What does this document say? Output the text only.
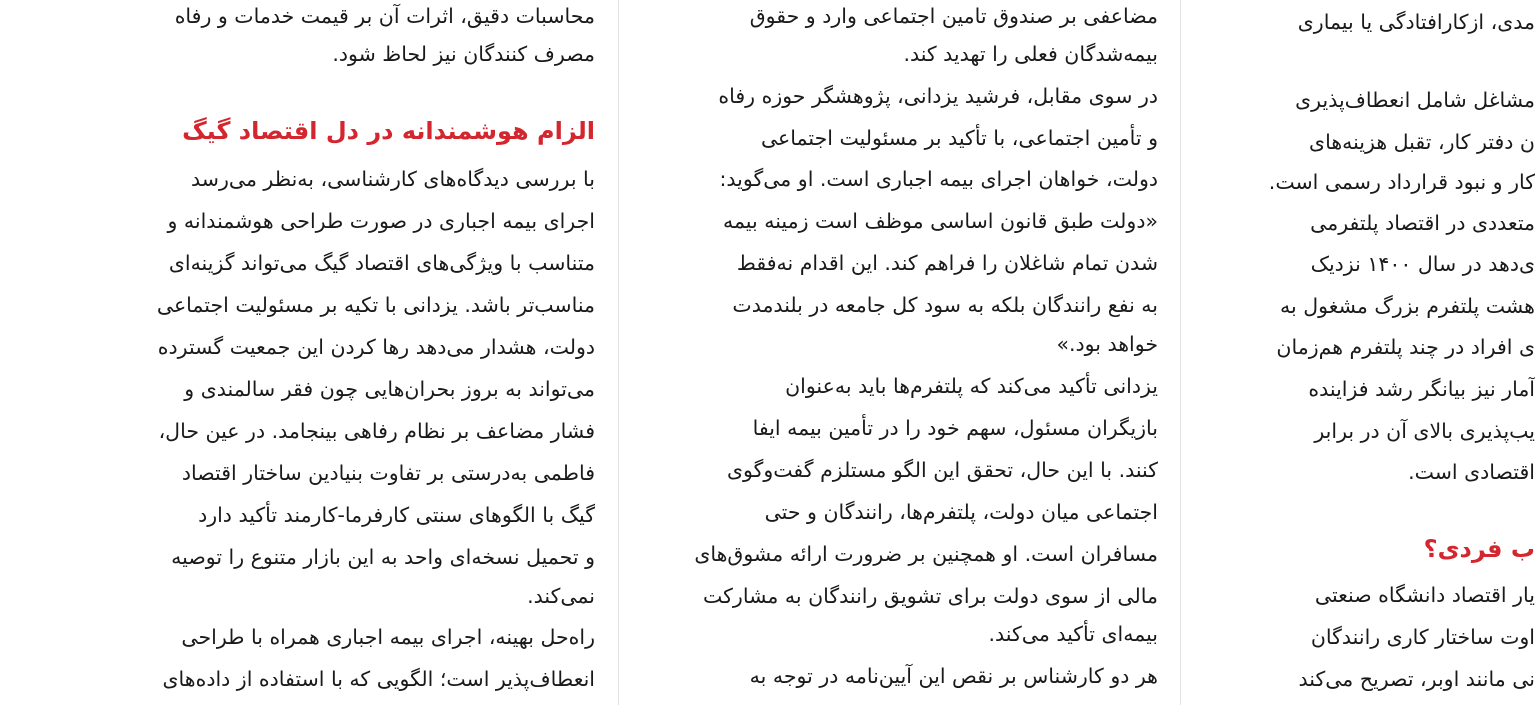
محاسبات دقیق، اثرات آن بر قیمت خدمات و رفاه
مصرف کنندگان نیز لحاظ شود.
الزام هوشمندانه در دل اقتصاد گیگ
با بررسی دیدگاه‌های کارشناسی، به‌نظر می‌رسد
اجرای بیمه اجباری در صورت طراحی هوشمندانه و
متناسب با ویژگی‌های اقتصاد گیگ می‌تواند گزینه‌ای
مناسب‌تر باشد. یزدانی با تکیه بر مسئولیت اجتماعی
دولت، هشدار می‌دهد رها کردن این جمعیت گسترده
می‌تواند به بروز بحران‌هایی چون فقر سالمندی و
فشار مضاعف بر نظام رفاهی بینجامد. در عین حال،
فاطمی به‌درستی بر تفاوت بنیادین ساختار اقتصاد
گیگ با الگوهای سنتی کارفرما-کارمند تأکید دارد
و تحمیل نسخه‌ای واحد به این بازار متنوع را توصیه
نمی‌کند.
راه‌حل بهینه، اجرای بیمه اجباری همراه با طراحی
انعطاف‌پذیر است؛ الگویی که با استفاده از داده‌های
مضاعفی بر صندوق تامین اجتماعی وارد و حقوق
بیمه‌شدگان فعلی را تهدید کند.
در سوی مقابل، فرشید یزدانی، پژوهشگر حوزه رفاه
و تأمین اجتماعی، با تأکید بر مسئولیت اجتماعی
دولت، خواهان اجرای بیمه اجباری است. او می‌گوید:
«دولت طبق قانون اساسی موظف است زمینه بیمه
شدن تمام شاغلان را فراهم کند. این اقدام نه‌فقط
به نفع رانندگان بلکه به سود کل جامعه در بلندمدت
خواهد بود.»
یزدانی تأکید می‌کند که پلتفرم‌ها باید به‌عنوان
بازیگران مسئول، سهم خود را در تأمین بیمه ایفا
کنند. با این حال، تحقق این الگو مستلزم گفت‌وگوی
اجتماعی میان دولت، پلتفرم‌ها، رانندگان و حتی
مسافران است. او همچنین بر ضرورت ارائه مشوق‌های
مالی از سوی دولت برای تشویق رانندگان به مشارکت
بیمه‌ای تأکید می‌کند.
هر دو کارشناس بر نقص این آیین‌نامه در توجه به
مدی، ازکارافتادگی یا بیماری
مشاغل شامل انعطاف‌پذیری
ن دفتر کار، تقبل هزینه‌های
کار و نبود قرارداد رسمی است.
متعددی در اقتصاد پلتفرمی
ی‌دهد در سال ۱۴۰۰ نزدیک
هشت پلتفرم بزرگ مشغول به
ی افراد در چند پلتفرم هم‌زمان
آمار نیز بیانگر رشد فزاینده
یب‌پذیری بالای آن در برابر
اقتصادی است.
ب فردی؟
یار اقتصاد دانشگاه صنعتی
اوت ساختار کاری رانندگان
نی مانند اوبر، تصریح می‌کند
